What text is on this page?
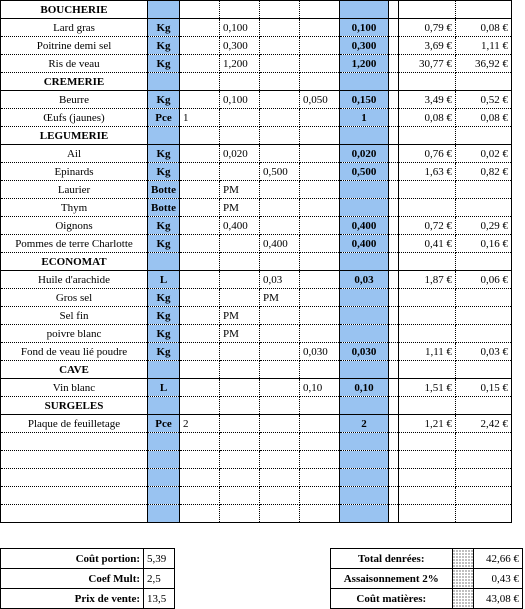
BOUCHERIE									
Lard gras	Kg		0,100			0,100		0,79 €	0,08 €
Poitrine demi sel	Kg		0,300			0,300		3,69 €	1,11 €
Ris de veau	Kg		1,200			1,200		30,77 €	36,92 €
CREMERIE									
Beurre	Kg		0,100		0,050	0,150		3,49 €	0,52 €
Œufs (jaunes)	Pce	1				1		0,08 €	0,08 €
LEGUMERIE									
Ail	Kg		0,020			0,020		0,76 €	0,02 €
Epinards	Kg			0,500		0,500		1,63 €	0,82 €
Laurier	Botte		PM						
Thym	Botte		PM						
Oignons	Kg		0,400			0,400		0,72 €	0,29 €
Pommes de terre Charlotte	Kg			0,400		0,400		0,41 €	0,16 €
ECONOMAT									
Huile d'arachide	L			0,03		0,03		1,87 €	0,06 €
Gros sel	Kg			PM					
Sel fin	Kg		PM						
poivre blanc	Kg		PM						
Fond de veau lié poudre	Kg				0,030	0,030		1,11 €	0,03 €
CAVE									
Vin blanc	L				0,10	0,10		1,51 €	0,15 €
SURGELES									
Plaque de feuilletage	Pce	2				2		1,21 €	2,42 €

Coût portion:	5,39
Coef Mult:	2,5
Prix de vente:	13,5
Total denrées:		42,66 €
Assaisonnement 2%		0,43 €
Coût matières:		43,08 €
